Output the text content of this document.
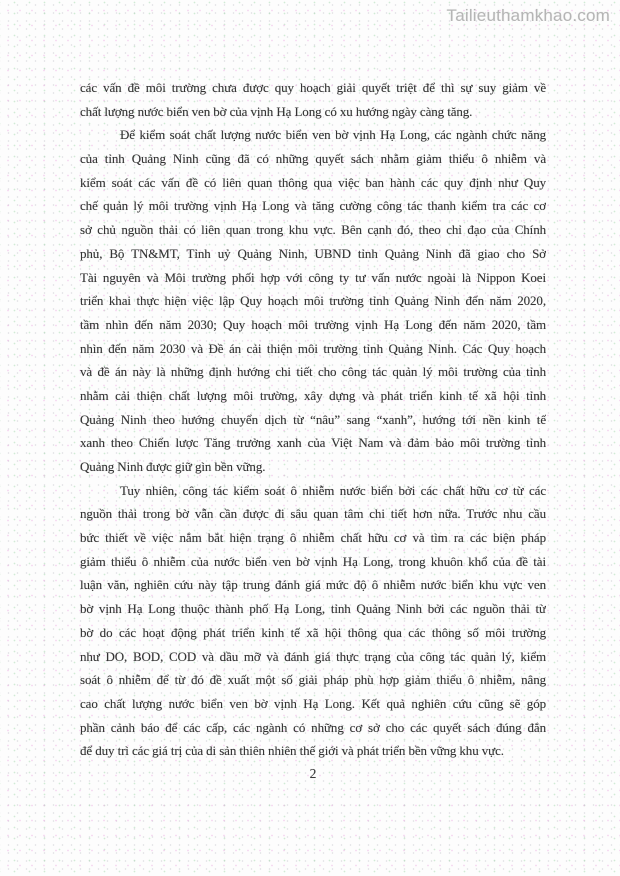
Tailieuthamkhao.com
các vấn đề môi trường chưa được quy hoạch giải quyết triệt để thì sự suy giảm về
chất lượng nước biển ven bờ của vịnh Hạ Long có xu hướng ngày càng tăng.
Để kiểm soát chất lượng nước biển ven bờ vịnh Hạ Long, các ngành chức năng
của tỉnh Quảng Ninh cũng đã có những quyết sách nhằm giảm thiểu ô nhiễm và
kiểm soát các vấn đề có liên quan thông qua việc ban hành các quy định như Quy
chế quản lý môi trường vịnh Hạ Long và tăng cường công tác thanh kiểm tra các cơ
sở chủ nguồn thải có liên quan trong khu vực. Bên cạnh đó, theo chỉ đạo của Chính
phủ, Bộ TN&MT, Tỉnh uỷ Quảng Ninh, UBND tỉnh Quảng Ninh đã giao cho Sở
Tài nguyên và Môi trường phối hợp với công ty tư vấn nước ngoài là Nippon Koei
triển khai thực hiện việc lập Quy hoạch môi trường tỉnh Quảng Ninh đến năm 2020,
tầm nhìn đến năm 2030; Quy hoạch môi trường vịnh Hạ Long đến năm 2020, tầm
nhìn đến năm 2030 và Đề án cải thiện môi trường tỉnh Quảng Ninh. Các Quy hoạch
và đề án này là những định hướng chi tiết cho công tác quản lý môi trường của tỉnh
nhằm cải thiện chất lượng môi trường, xây dựng và phát triển kinh tế xã hội tỉnh
Quảng Ninh theo hướng chuyển dịch từ “nâu” sang “xanh”, hướng tới nền kinh tế
xanh theo Chiến lược Tăng trưởng xanh của Việt Nam và đảm bảo môi trường tỉnh
Quảng Ninh được giữ gìn bền vững.
Tuy nhiên, công tác kiểm soát ô nhiễm nước biển bởi các chất hữu cơ từ các
nguồn thải trong bờ vẫn cần được đi sâu quan tâm chi tiết hơn nữa. Trước nhu cầu
bức thiết về việc nắm bắt hiện trạng ô nhiễm chất hữu cơ và tìm ra các biện pháp
giảm thiểu ô nhiễm của nước biển ven bờ vịnh Hạ Long, trong khuôn khổ của đề tài
luận văn, nghiên cứu này tập trung đánh giá mức độ ô nhiễm nước biển khu vực ven
bờ vịnh Hạ Long thuộc thành phố Hạ Long, tỉnh Quảng Ninh bởi các nguồn thải từ
bờ do các hoạt động phát triển kinh tế xã hội thông qua các thông số môi trường
như DO, BOD, COD và dầu mỡ và đánh giá thực trạng của công tác quản lý, kiểm
soát ô nhiễm để từ đó đề xuất một số giải pháp phù hợp giảm thiểu ô nhiễm, nâng
cao chất lượng nước biển ven bờ vịnh Hạ Long. Kết quả nghiên cứu cũng sẽ góp
phần cảnh báo để các cấp, các ngành có những cơ sở cho các quyết sách đúng đắn
để duy trì các giá trị của di sản thiên nhiên thế giới và phát triển bền vững khu vực.
2
